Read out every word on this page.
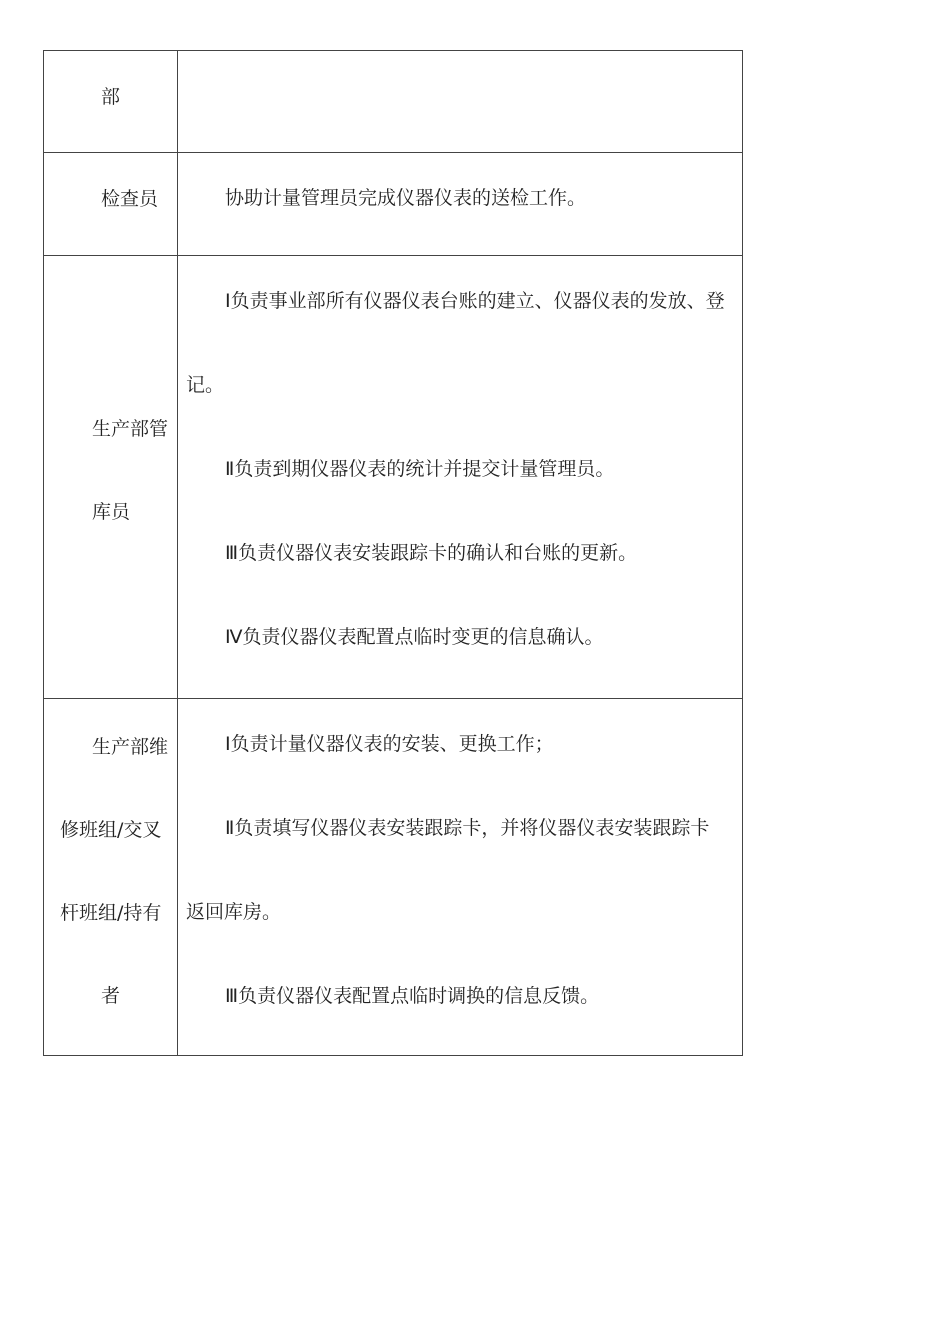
部	

检查员	协助计量管理员完成仪器仪表的送检工作。

生产部管
库员	Ⅰ负责事业部所有仪器仪表台账的建立、仪器仪表的发放、登
记。
Ⅱ负责到期仪器仪表的统计并提交计量管理员。
Ⅲ负责仪器仪表安装跟踪卡的确认和台账的更新。
Ⅳ负责仪器仪表配置点临时变更的信息确认。

生产部维
修班组/交叉
杆班组/持有
者	Ⅰ负责计量仪器仪表的安装、更换工作；
Ⅱ负责填写仪器仪表安装跟踪卡，并将仪器仪表安装跟踪卡
返回库房。
Ⅲ负责仪器仪表配置点临时调换的信息反馈。
